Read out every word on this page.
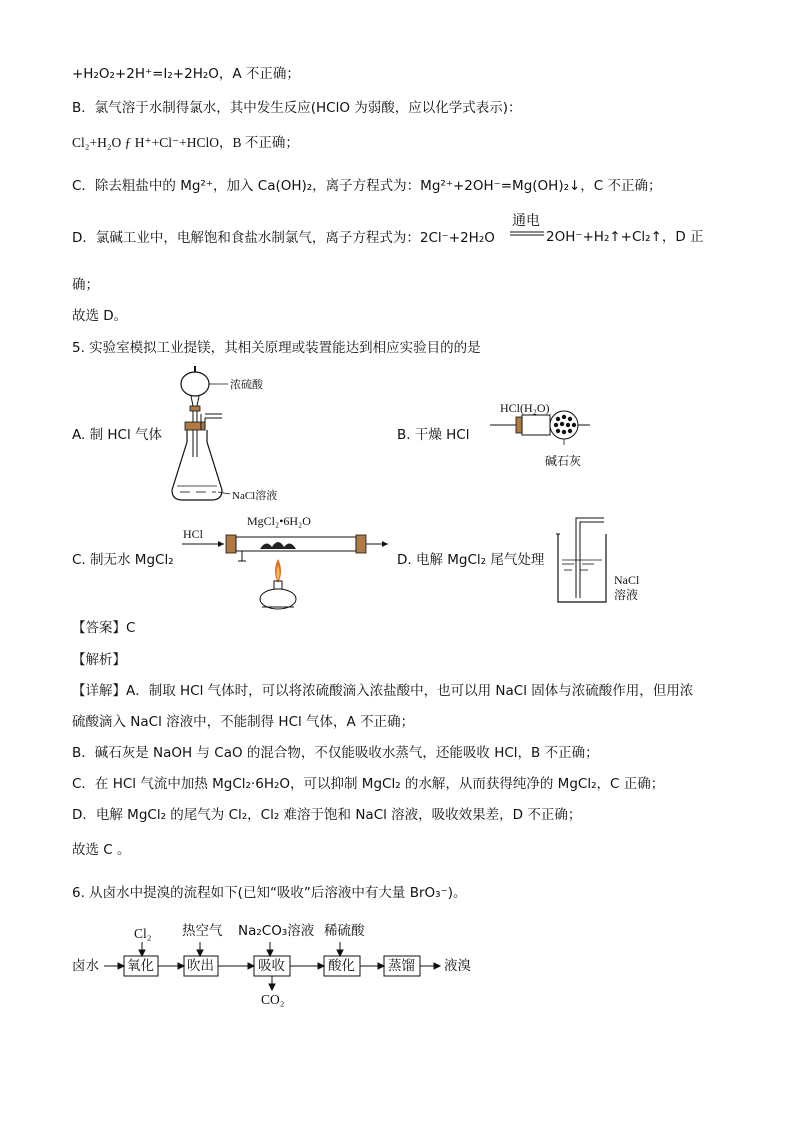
+H₂O₂+2H⁺=I₂+2H₂O，A 不正确；
B．氯气溶于水制得氯水，其中发生反应(HClO 为弱酸，应以化学式表示)：
Cl₂+H₂O ƒ H⁺+Cl⁻+HClO，B 不正确；
C．除去粗盐中的 Mg²⁺，加入 Ca(OH)₂，离子方程式为：Mg²⁺+2OH⁻=Mg(OH)₂↓，C 不正确；
D．氯碱工业中，电解饱和食盐水制氯气，离子方程式为：2Cl⁻+2H₂O
通电
2OH⁻+H₂↑+Cl₂↑，D 正
确；
故选 D。
5. 实验室模拟工业提镁，其相关原理或装置能达到相应实验目的的是
浓硫酸
NaCl溶液
A. 制 HCl 气体
HCl(H₂O)
碱石灰
B. 干燥 HCl
HCl
MgCl₂•6H₂O
C. 制无水 MgCl₂
NaCl
溶液
D. 电解 MgCl₂ 尾气处理
【答案】C
【解析】
【详解】A．制取 HCl 气体时，可以将浓硫酸滴入浓盐酸中，也可以用 NaCl 固体与浓硫酸作用，但用浓
硫酸滴入 NaCl 溶液中，不能制得 HCl 气体，A 不正确；
B．碱石灰是 NaOH 与 CaO 的混合物，不仅能吸收水蒸气，还能吸收 HCl，B 不正确；
C．在 HCl 气流中加热 MgCl₂·6H₂O，可以抑制 MgCl₂ 的水解，从而获得纯净的 MgCl₂，C 正确；
D．电解 MgCl₂ 的尾气为 Cl₂，Cl₂ 难溶于饱和 NaCl 溶液，吸收效果差，D 不正确；
故选 C 。
6. 从卤水中提溴的流程如下(已知“吸收”后溶液中有大量 BrO₃⁻)。
卤水 氧化 吹出	吸收	酸化 蒸馏 液溴
Cl₂ 热空气 Na₂CO₃溶液 稀硫酸
CO₂
